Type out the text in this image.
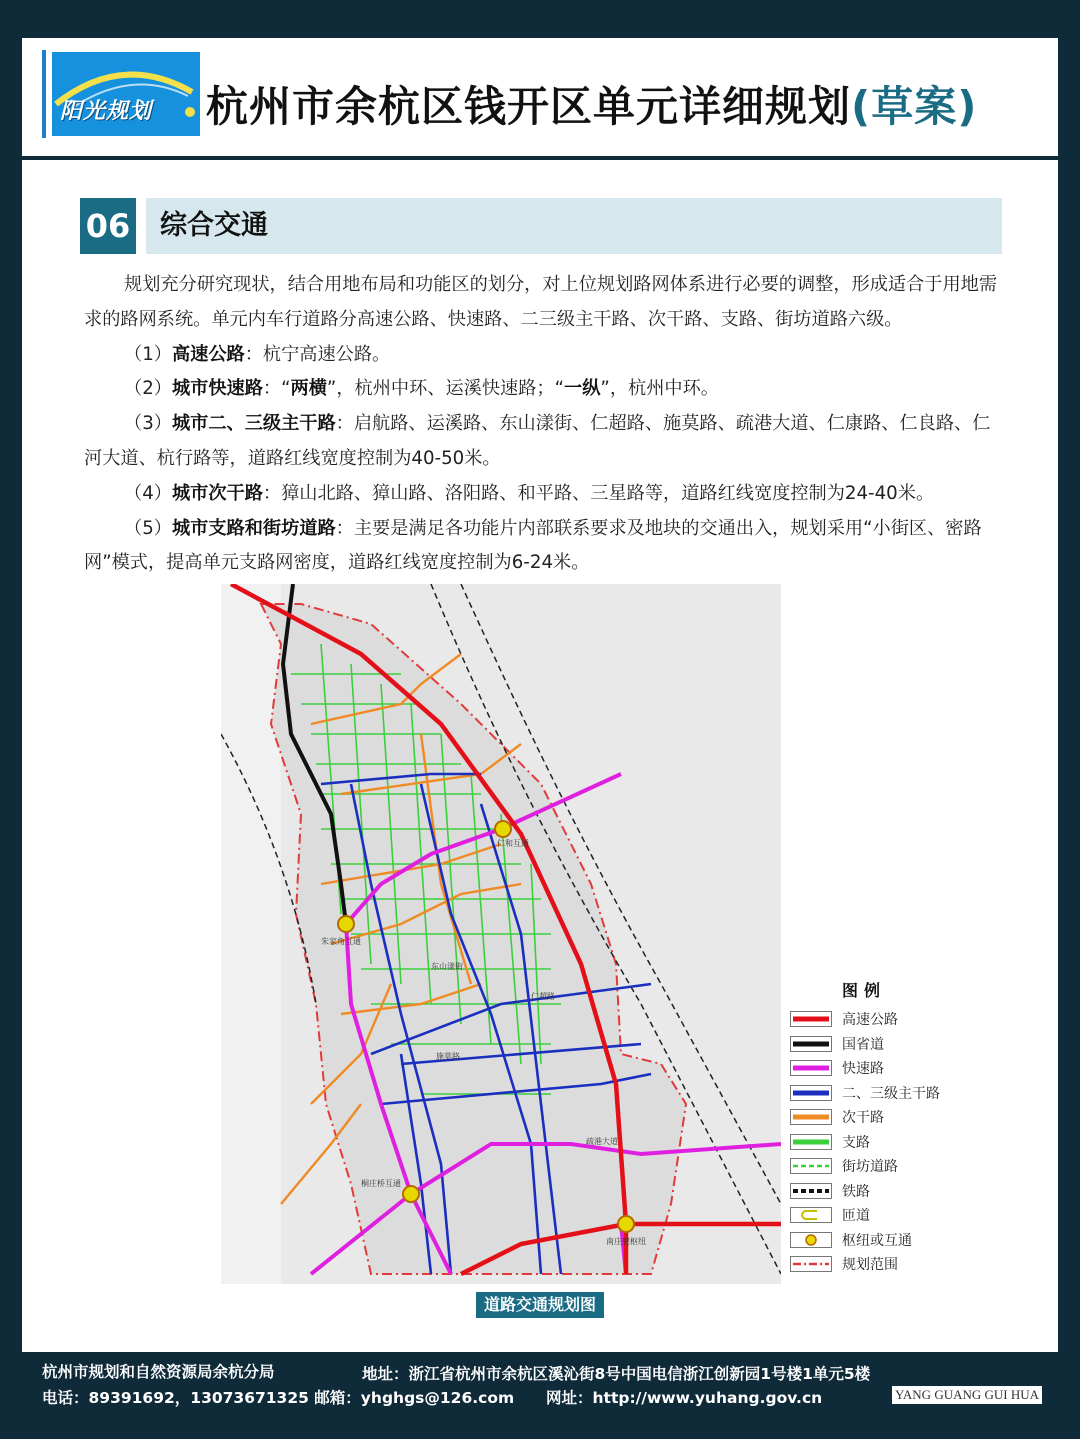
阳光规划 杭州市余杭区钱开区单元详细规划(草案)
06 综合交通

规划充分研究现状，结合用地布局和功能区的划分，对上位规划路网体系进行必要的调整，形成适合于用地需求的路网系统。单元内车行道路分高速公路、快速路、二三级主干路、次干路、支路、街坊道路六级。

（1）高速公路：杭宁高速公路。

（2）城市快速路：“两横”，杭州中环、运溪快速路；“一纵”，杭州中环。

（3）城市二、三级主干路：启航路、运溪路、东山漾街、仁超路、施莫路、疏港大道、仁康路、仁良路、仁河大道、杭行路等，道路红线宽度控制为40-50米。

（4）城市次干路：獐山北路、獐山路、洛阳路、和平路、三星路等，道路红线宽度控制为24-40米。

（5）城市支路和街坊道路：主要是满足各功能片内部联系要求及地块的交通出入，规划采用“小街区、密路网”模式，提高单元支路网密度，道路红线宽度控制为6-24米。

仁和互通
朱家角互通
东山漾街
仁超路
施莫路
疏港大道
桐庄桥互通
南庄兜枢纽
道路交通规划图
图例
高速公路
国省道
快速路
二、三级主干路
次干路
支路
街坊道路
铁路
匝道
枢纽或互通
规划范围
杭州市规划和自然资源局余杭分局	地址：浙江省杭州市余杭区溪沁街8号中国电信浙江创新园1号楼1单元5楼
电话：89391692，13073671325 邮箱：yhghgs@126.com 网址：http://www.yuhang.gov.cn	YANG GUANG GUI HUA
